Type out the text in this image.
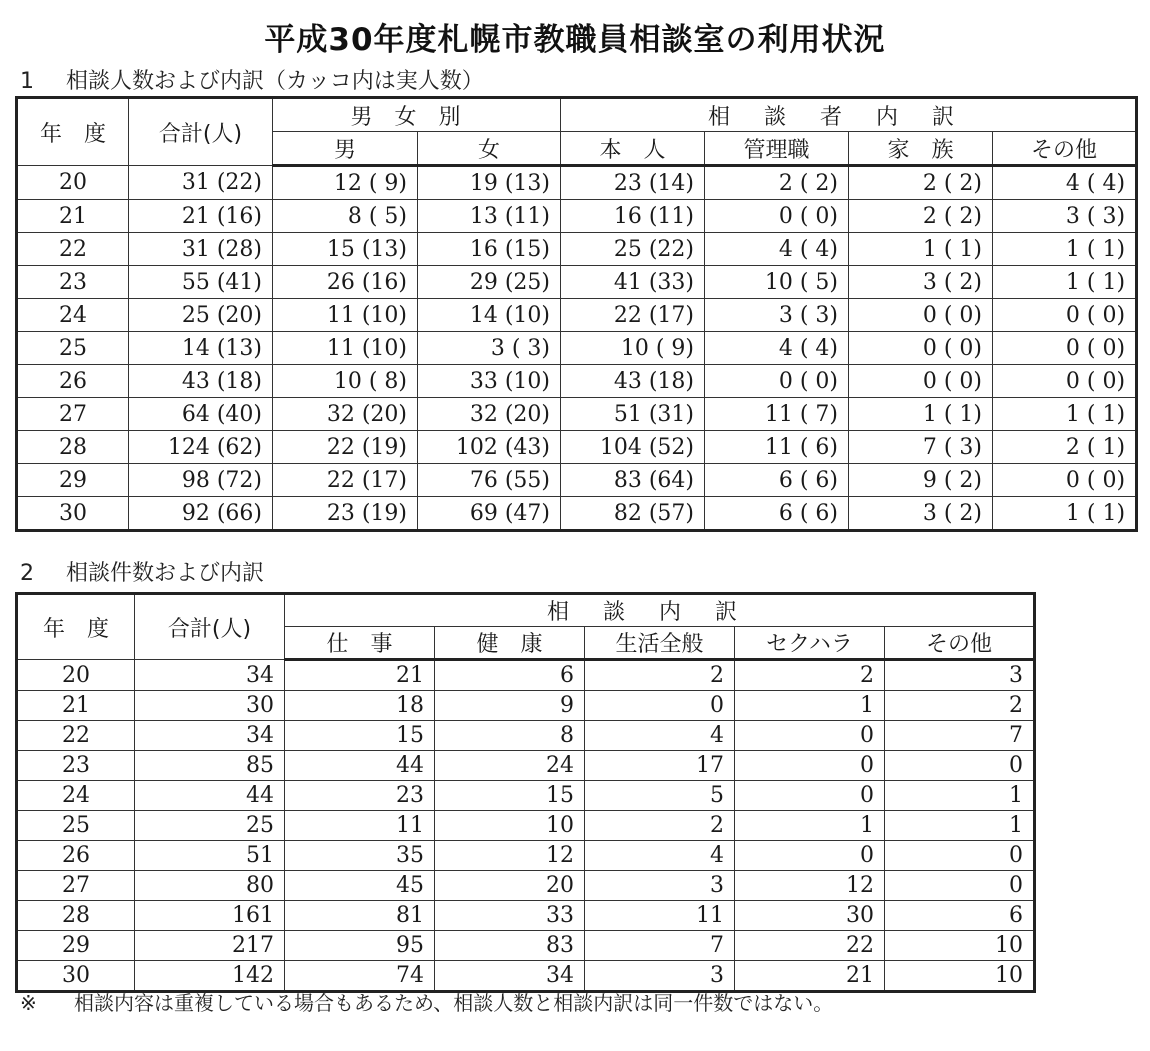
平成30年度札幌市教職員相談室の利用状況
1 相談人数および内訳（カッコ内は実人数）
年　度	合計(人)	男女別		相談者内訳			
		男	女	本　人	管理職	家　族	その他
20	31 (22)	12 ( 9)	19 (13)	23 (14)	2 ( 2)	2 ( 2)	4 ( 4)
21	21 (16)	8 ( 5)	13 (11)	16 (11)	0 ( 0)	2 ( 2)	3 ( 3)
22	31 (28)	15 (13)	16 (15)	25 (22)	4 ( 4)	1 ( 1)	1 ( 1)
23	55 (41)	26 (16)	29 (25)	41 (33)	10 ( 5)	3 ( 2)	1 ( 1)
24	25 (20)	11 (10)	14 (10)	22 (17)	3 ( 3)	0 ( 0)	0 ( 0)
25	14 (13)	11 (10)	3 ( 3)	10 ( 9)	4 ( 4)	0 ( 0)	0 ( 0)
26	43 (18)	10 ( 8)	33 (10)	43 (18)	0 ( 0)	0 ( 0)	0 ( 0)
27	64 (40)	32 (20)	32 (20)	51 (31)	11 ( 7)	1 ( 1)	1 ( 1)
28	124 (62)	22 (19)	102 (43)	104 (52)	11 ( 6)	7 ( 3)	2 ( 1)
29	98 (72)	22 (17)	76 (55)	83 (64)	6 ( 6)	9 ( 2)	0 ( 0)
30	92 (66)	23 (19)	69 (47)	82 (57)	6 ( 6)	3 ( 2)	1 ( 1)
2 相談件数および内訳
年　度	合計(人)	相談内訳				
		仕　事	健　康	生活全般	セクハラ	その他
20	34	21	6	2	2	3
21	30	18	9	0	1	2
22	34	15	8	4	0	7
23	85	44	24	17	0	0
24	44	23	15	5	0	1
25	25	11	10	2	1	1
26	51	35	12	4	0	0
27	80	45	20	3	12	0
28	161	81	33	11	30	6
29	217	95	83	7	22	10
30	142	74	34	3	21	10
※ 相談内容は重複している場合もあるため、相談人数と相談内訳は同一件数ではない。
